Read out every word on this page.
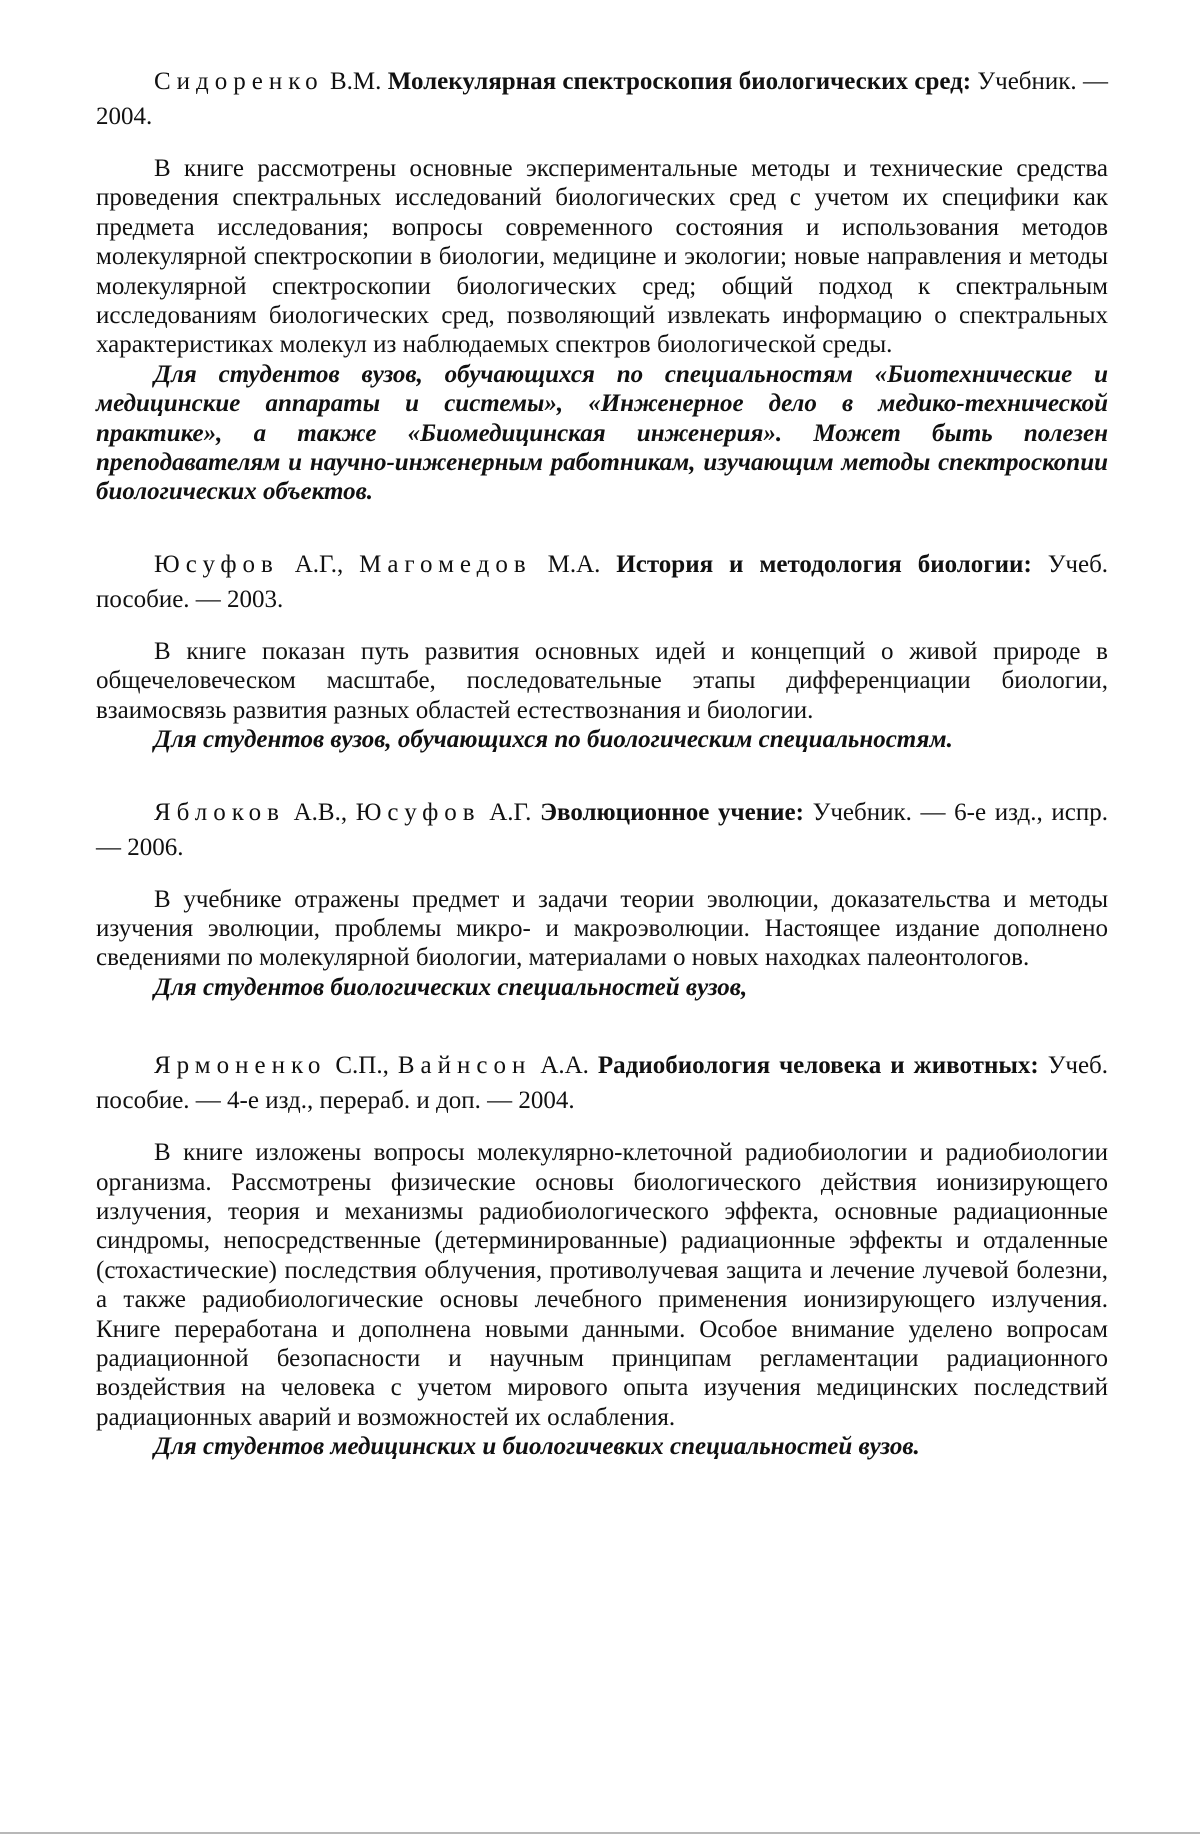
Сидоренко В.М. Молекулярная спектроскопия биологических сред: Учебник. — 2004.

В книге рассмотрены основные экспериментальные методы и технические средства проведения спектральных исследований биологических сред с учетом их специфики как предмета исследования; вопросы современного состояния и использования методов молекулярной спектроскопии в биологии, медицине и экологии; новые направления и методы молекулярной спектроскопии биологических сред; общий подход к спектральным исследованиям биологических сред, позволяющий извлекать информацию о спектральных характеристиках молекул из наблюдаемых спектров биологической среды.

Для студентов вузов, обучающихся по специальностям «Биотехнические и медицинские аппараты и системы», «Инженерное дело в медико-технической практике», а также «Биомедицинская инженерия». Может быть полезен преподавателям и научно-инженерным работникам, изучающим методы спектроскопии биологических объектов.

Юсуфов А.Г., Магомедов М.А. История и методология биологии: Учеб. пособие. — 2003.

В книге показан путь развития основных идей и концепций о живой природе в общечеловеческом масштабе, последовательные этапы дифференциации биологии, взаимосвязь развития разных областей естествознания и биологии.

Для студентов вузов, обучающихся по биологическим специальностям.

Яблоков А.В., Юсуфов А.Г. Эволюционное учение: Учебник. — 6-е изд., испр. — 2006.

В учебнике отражены предмет и задачи теории эволюции, доказательства и методы изучения эволюции, проблемы микро- и макроэволюции. Настоящее издание дополнено сведениями по молекулярной биологии, материалами о новых находках палеонтологов.

Для студентов биологических специальностей вузов,

Ярмоненко С.П., Вайнсон А.А. Радиобиология человека и животных: Учеб. пособие. — 4-е изд., перераб. и доп. — 2004.

В книге изложены вопросы молекулярно-клеточной радиобиологии и радиобиологии организма. Рассмотрены физические основы биологического действия ионизирующего излучения, теория и механизмы радиобиологического эффекта, основные радиационные синдромы, непосредственные (детерминированные) радиационные эффекты и отдаленные (стохастические) последствия облучения, противолучевая защита и лечение лучевой болезни, а также радиобиологические основы лечебного применения ионизирующего излучения. Книге переработана и дополнена новыми данными. Особое внимание уделено вопросам радиационной безопасности и научным принципам регламентации радиационного воздействия на человека с учетом мирового опыта изучения медицинских последствий радиационных аварий и возможностей их ослабления.

Для студентов медицинских и биологичевких специальностей вузов.
